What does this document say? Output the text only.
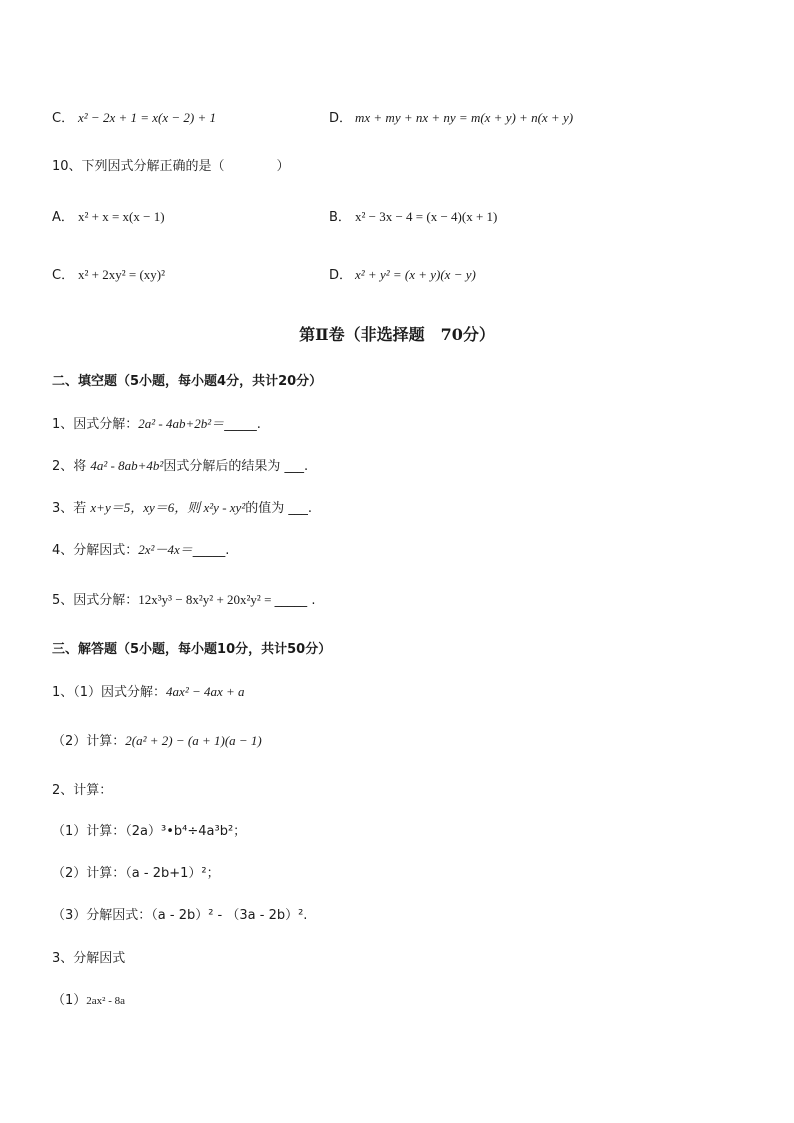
C． x² − 2x + 1 = x(x − 2) + 1	D． mx + my + nx + ny = m(x + y) + n(x + y)
10、下列因式分解正确的是（　　　　）
A． x² + x = x(x − 1)	B． x² − 3x − 4 = (x − 4)(x + 1)
C． x² + 2xy² = (xy)²	D． x² + y² = (x + y)(x − y)
第Ⅱ卷（非选择题　70分）
二、填空题（5小题，每小题4分，共计20分）
1、因式分解：2a² - 4ab+2b²＝_____.
2、将 4a² - 8ab+4b²因式分解后的结果为 ___.
3、若 x+y＝5，xy＝6，则 x²y - xy²的值为 ___.
4、分解因式：2x²－4x＝_____.
5、因式分解：12x³y³ − 8x²y² + 20x²y² = _____ .
三、解答题（5小题，每小题10分，共计50分）
1、（1）因式分解：4ax² − 4ax + a
（2）计算：2(a² + 2) − (a + 1)(a − 1)
2、计算：
（1）计算：（2a）³•b⁴÷4a³b²；
（2）计算：（a - 2b+1）²；
（3）分解因式：（a - 2b）² - （3a - 2b）².
3、分解因式
（1）2ax² - 8a
